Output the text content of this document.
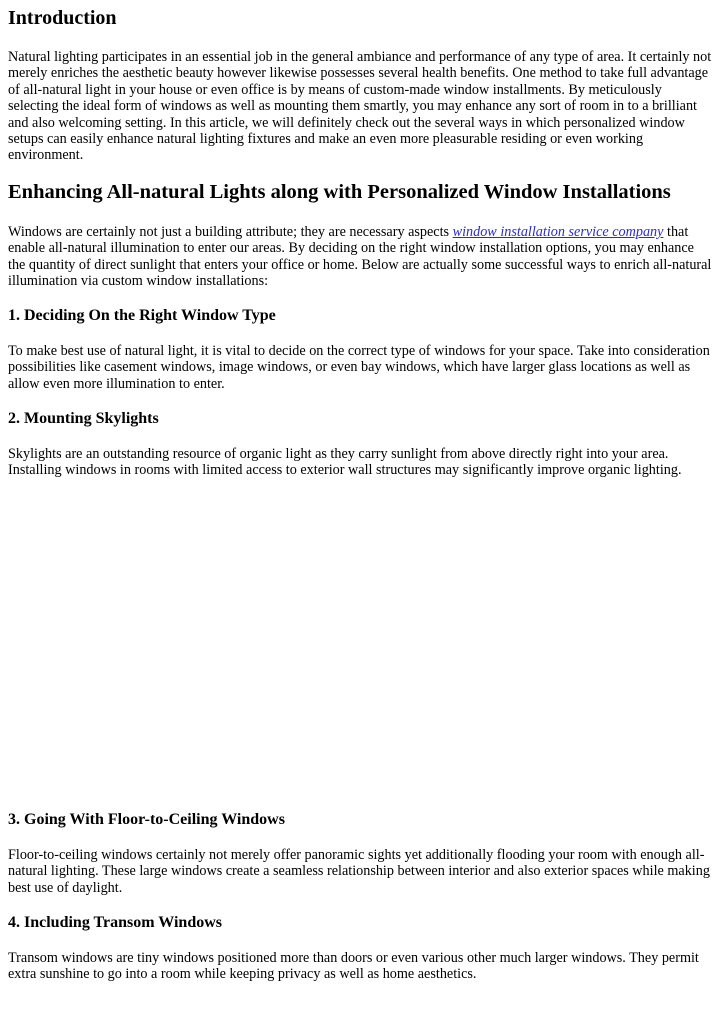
Introduction

Natural lighting participates in an essential job in the general ambiance and performance of any type of area. It certainly not merely enriches the aesthetic beauty however likewise possesses several health benefits. One method to take full advantage of all-natural light in your house or even office is by means of custom-made window installments. By meticulously selecting the ideal form of windows as well as mounting them smartly, you may enhance any sort of room in to a brilliant and also welcoming setting. In this article, we will definitely check out the several ways in which personalized window setups can easily enhance natural lighting fixtures and make an even more pleasurable residing or even working environment.

Enhancing All-natural Lights along with Personalized Window Installations

Windows are certainly not just a building attribute; they are necessary aspects window installation service company that enable all-natural illumination to enter our areas. By deciding on the right window installation options, you may enhance the quantity of direct sunlight that enters your office or home. Below are actually some successful ways to enrich all-natural illumination via custom window installations:

1. Deciding On the Right Window Type

To make best use of natural light, it is vital to decide on the correct type of windows for your space. Take into consideration possibilities like casement windows, image windows, or even bay windows, which have larger glass locations as well as allow even more illumination to enter.

2. Mounting Skylights

Skylights are an outstanding resource of organic light as they carry sunlight from above directly right into your area. Installing windows in rooms with limited access to exterior wall structures may significantly improve organic lighting.

3. Going With Floor-to-Ceiling Windows

Floor-to-ceiling windows certainly not merely offer panoramic sights yet additionally flooding your room with enough all-natural lighting. These large windows create a seamless relationship between interior and also exterior spaces while making best use of daylight.

4. Including Transom Windows

Transom windows are tiny windows positioned more than doors or even various other much larger windows. They permit extra sunshine to go into a room while keeping privacy as well as home aesthetics.
